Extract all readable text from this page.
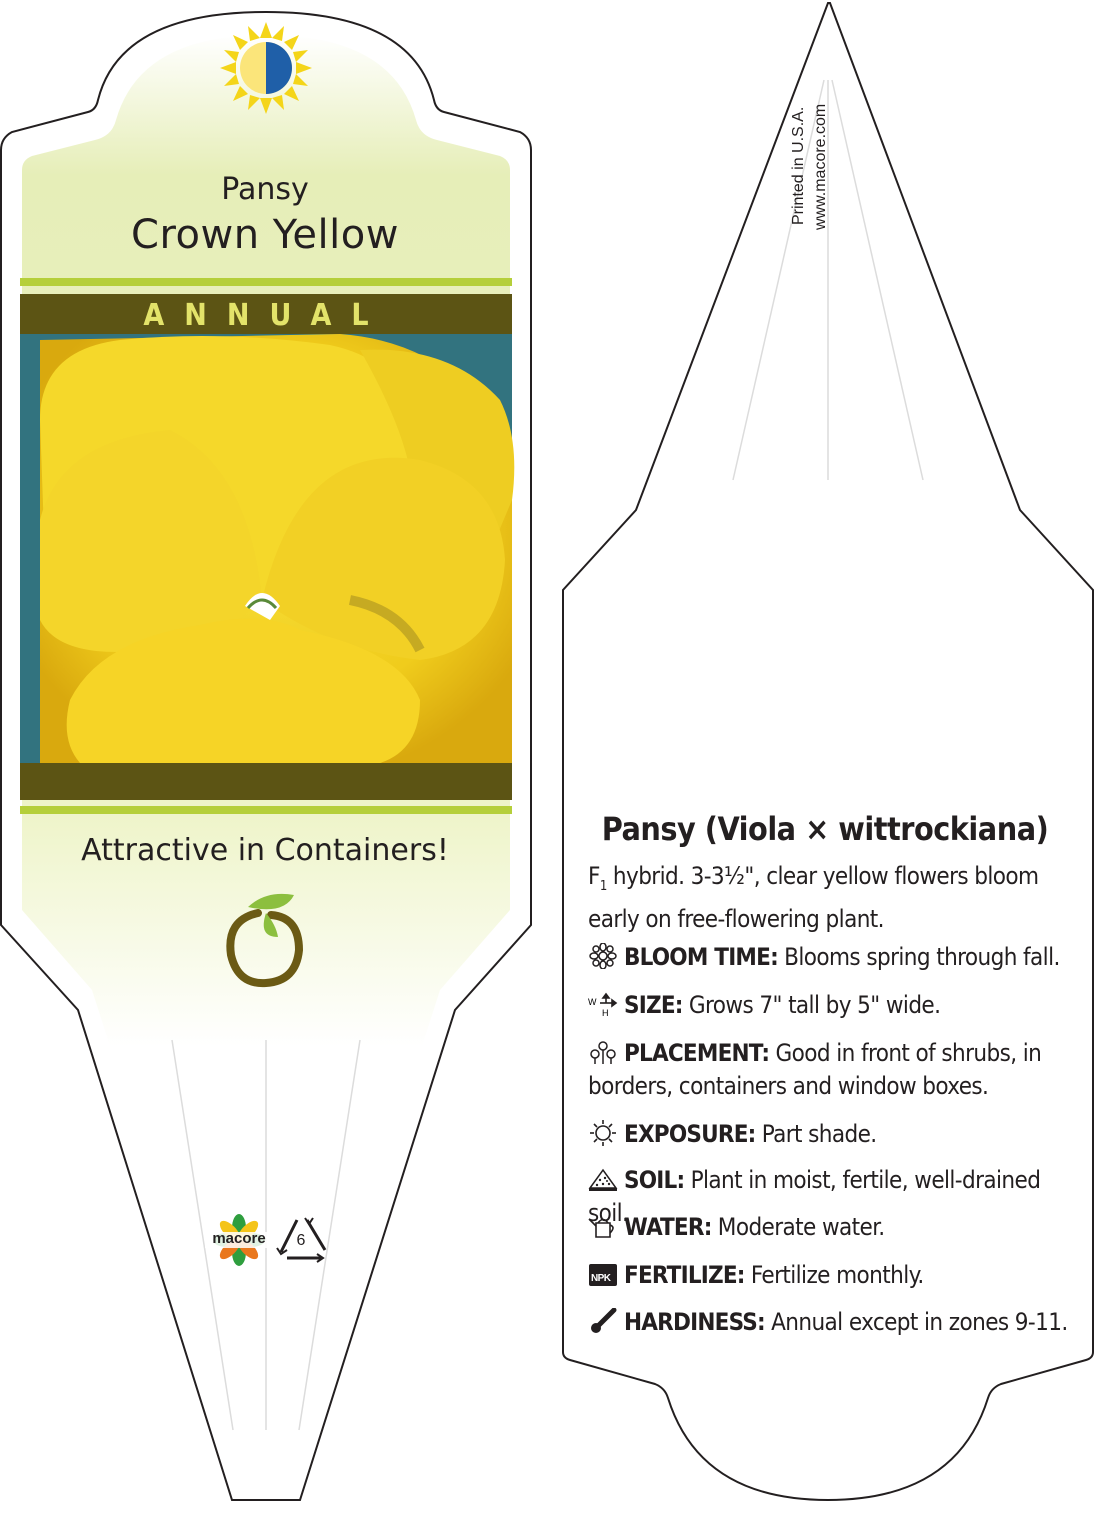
Pansy
Crown Yellow
ANNUAL
Attractive in Containers!
macore	6
Printed in U.S.A. www.macore.com
Pansy (Viola × wittrockiana)
$F_1$ hybrid. 3-3½", clear yellow flowers bloom early on free-flowering plant.
BLOOM TIME: Blooms spring through fall.
W
H SIZE: Grows 7" tall by 5" wide.
PLACEMENT: Good in front of shrubs, in borders, containers and window boxes.
EXPOSURE: Part shade.
SOIL: Plant in moist, fertile, well-drained soil.
WATER: Moderate water.
NPK FERTILIZE: Fertilize monthly.
HARDINESS: Annual except in zones 9-11.
